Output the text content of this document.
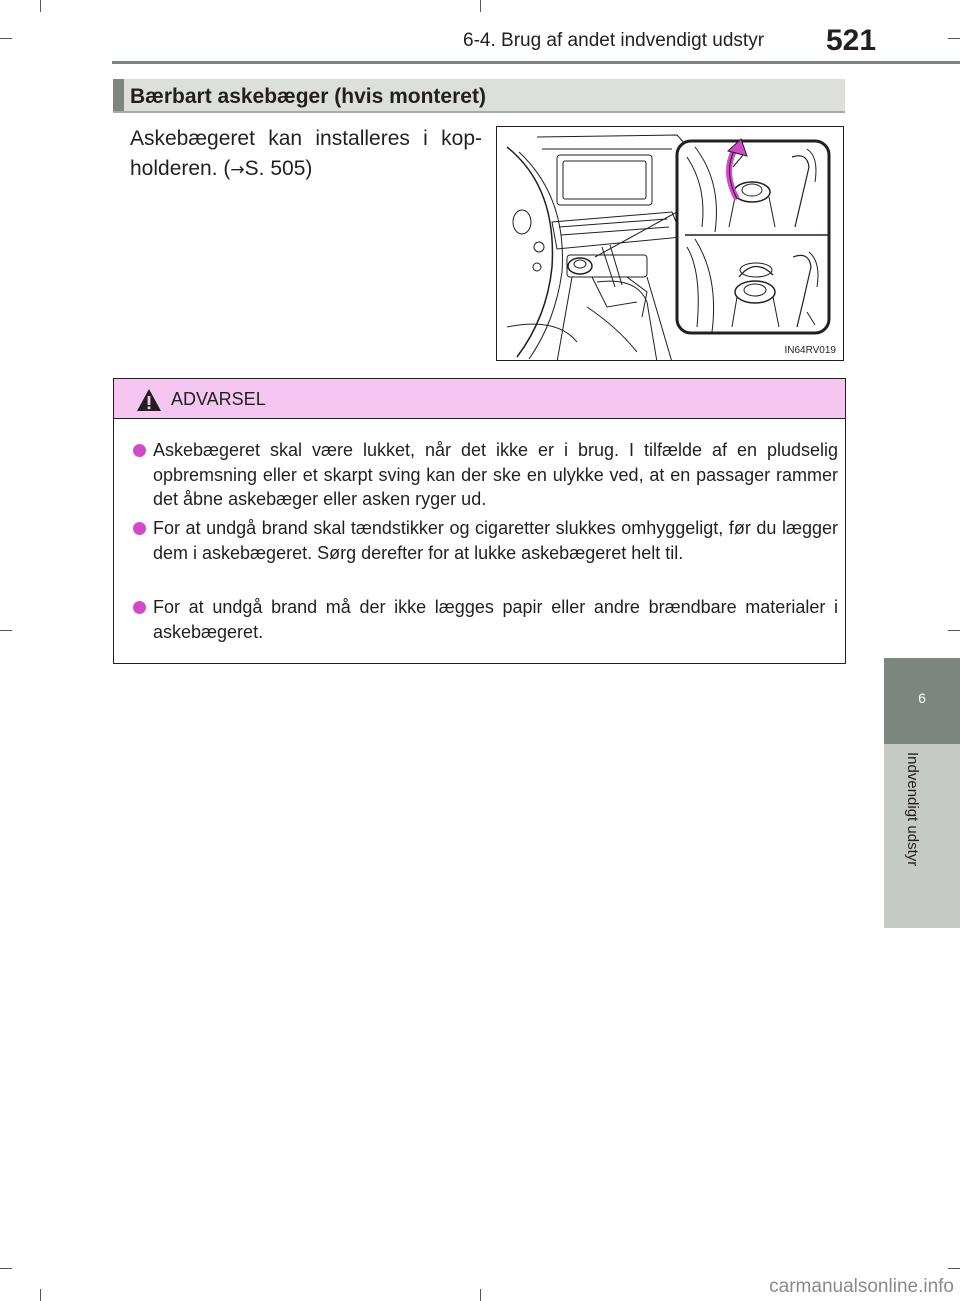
6-4. Brug af andet indvendigt udstyr 521
6
Indvendigt udstyr
Bærbart askebæger (hvis monteret)
Askebægeret kan installeres i kop-
holderen. (→S. 505)
IN64RV019
ADVARSEL
Askebægeret skal være lukket, når det ikke er i brug. I tilfælde af en pludselig opbremsning eller et skarpt sving kan der ske en ulykke ved, at en passager rammer det åbne askebæger eller asken ryger ud.
For at undgå brand skal tændstikker og cigaretter slukkes omhyggeligt, før du lægger dem i askebægeret. Sørg derefter for at lukke askebægeret helt til.
For at undgå brand må der ikke lægges papir eller andre brændbare materialer i askebægeret.
carmanualsonline.info
